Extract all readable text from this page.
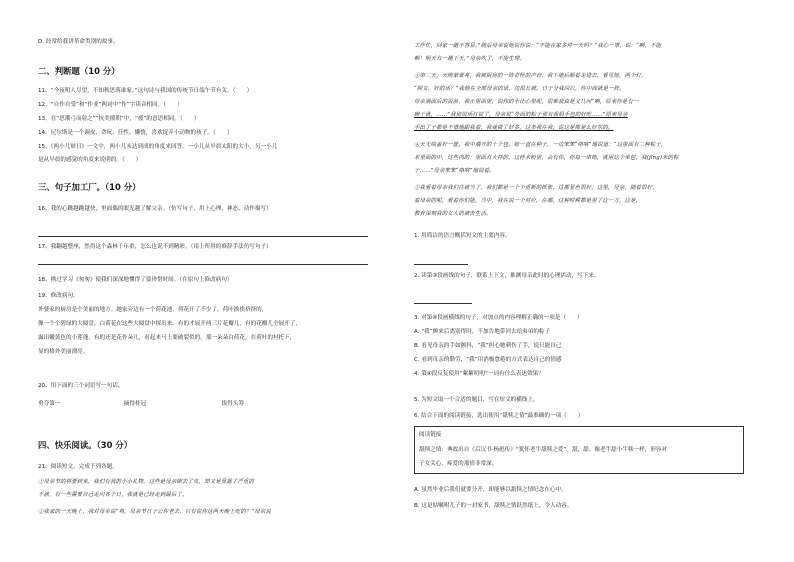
D. 经常给我讲革命类别的故事。
二、判断题（10 分）
11、“今夜明人尽望，不知秋思落谁家。”这句诗与我国的传统节日端午节有关。（　　）
12、“自作自受”和“作业”两词中“作”字读音相同。（　　）
13、在“思潮弓而射之”“抗美援朝”中，“援”的意思相同。（　　）
14、尼尔斯是一个调皮、贪玩、任性、懒惰，喜欢捉弄小动物的孩子。（　　）
15、《两小儿辩日》一文中，两小儿未达到成的角度来回答。一小儿从早晨太阳的大小，另一小儿
是从早晨的感觉的角度来说明的。（　　）
三、句子加工厂。（10 分）
16、我的心跳越跳越快，里面偶的眼光越了解父亲。（仿写句子，用上心理、神态、动作描写）
17、我翻越整座，然得这个森林千年重，怎么也说不到精彩。（用上所用的修辞手法仿写句子）
18、拗过学习《匆匆》使我们深深地懂得了要珍惜时间。（在原句上修改病句）
19、修改病句。
外婆家的厨房是个美丽的地方。她家旁边有一个荷花池，荷花开了不少了，荷叶挨挨挤挤的，
像一个个碧绿的大圆盘，白荷花在这些大圆盘中探出来。有的才展开两三片花瓣儿，有的花瓣儿全展开了，
露出嫩黄色的小莲蓬。有的还是花骨朵儿，看起来马上要破裂似的。那一朵朵白荷花，在荷叶的衬托下，
显的格外美丽漂亮。
20、用下面的三个词语写一句话。
勇夺第一	摘得桂冠	拔得头筹
四、快乐阅读。（30 分）
21、阅读短文，完成下列各题。
①母亲节的将要到来，我们有我的小小礼物，这些是母亲刷去了皮，却又是显露了严重的
不满，有一些需要自己走向各个日，我就是已经走到最后了。
②我家的一天晚上，我对母亲说“鸡，母亲节日子公你老去，只有说你这两天晚上吃的？”母亲说
工作忙，回家一趟不容易。”随后母亲说她说你说：“不能在家多停一天吗？”我心一罩，说：“啊，不能
啊！明天有一趟下天，”母亲吹了，不能生理。
③第二天，天刚蒙蒙亮，我被厨房的一阵奇怪的声音，我下地后顺着走进去，看见她，两个灯，
“阿女，好的话？”我她在全部母亲的话，边很长被。日子分我回以，你中间就是一阵。
母亲满面后的说前，我正里面里，说你的手让心里呢，很难我真是又几问“啊，原来你是有一
碗子就，……”我别说话打说了，母亲说“外面的粽子那有我妈手包的好吃……”原来母亲
手出了子都是不惜地跟我着，我就做了好多，这条我在我，说这是都是么好东的。
④天无啥盖好一筐，我中端开的十个包。她一直在种子，一边笨笨“咯咯”地说道：“这里面有二种粽子，
米里面的中，这些肉的：里面有大拌的，这样米粉里，会有你，你每一串她，就用这个来包。我(jīng)米的粽
子……”母亲笨笨“咯咯”地说着。
⑤我看着母亲我们往就当了，我们都是一个个重新的纸张，这都显色很好，这里，母亲，随着很好，
着母亲的呢，看着你们能，当中，我在说一个对应，在哪，这种时候都是里了这一方，这是，
教育深刻我的女人的被苦生活。
1. 用简洁的语言概括短文的主要内容。
2. 读第③段画线的句子，联系上下文，推测母亲此时的心理活动，写下来。
3. 对第④段画横线的句子，对加点的内容理解正确的一项是（　　）
A. “我”颤来后离别得时，不加告地带回去给弟弟的粽子
B. 看见母亲的手如颤抖，“我”担心她刺伤了手，说只能自己
C. 看到母亲的勤劳，“我”用消极怠倦的方式表达自己的情感
4. 第④段反复使用“絮絮叨叨”一词有什么表达效果？
5. 为短文取一个合适的题目，写在短文的横线上。
6. 结合下面的阅读链接，选出使用“舐犊之情”最准确的一项（　　）
阅读链接
舐犊之情：典故出自《后汉书·杨彪传》“犹怀老牛舐犊之爱”。舐，舔。像老牛舔小牛犊一样，形容对
子女关心、疼爱的那情非常深。
A. 虽然毕业后我们就要分开，却能够以舐犊之情纪念在心中。
B. 这是姑嘱咐儿子的一封家书，舐犊之情跃然纸上，令人动容。
